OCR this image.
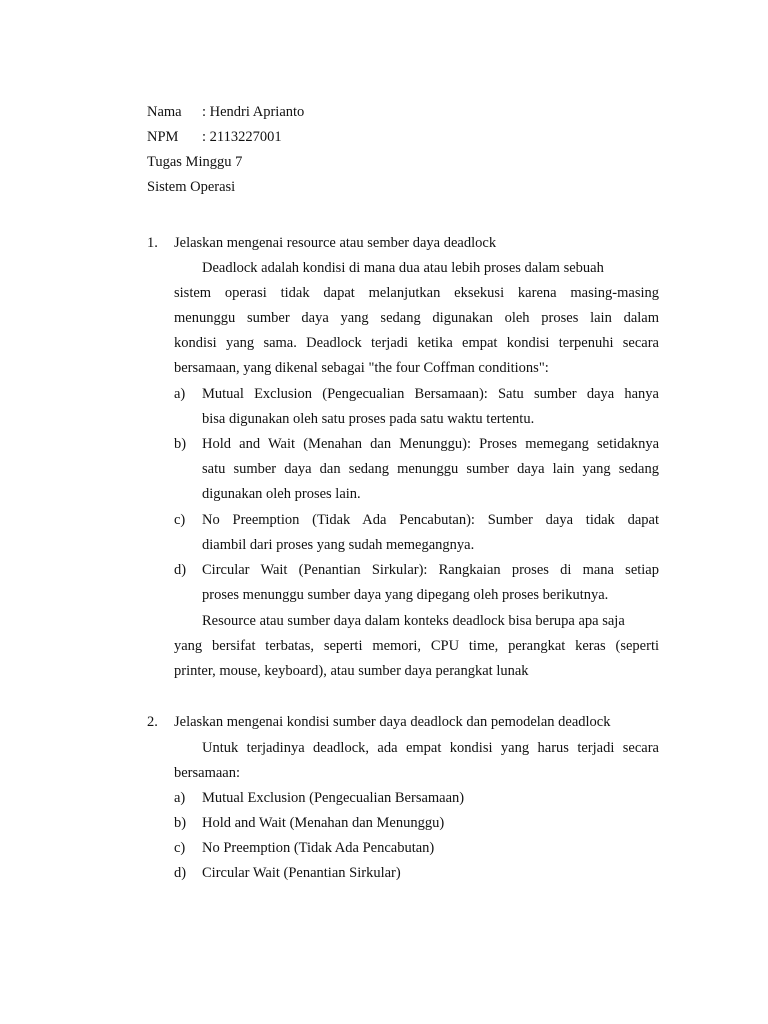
Nama : Hendri Aprianto
NPM : 2113227001
Tugas Minggu 7
Sistem Operasi
1. Jelaskan mengenai resource atau sember daya deadlock
Deadlock adalah kondisi di mana dua atau lebih proses dalam sebuah
sistem operasi tidak dapat melanjutkan eksekusi karena masing-masing
menunggu sumber daya yang sedang digunakan oleh proses lain dalam
kondisi yang sama. Deadlock terjadi ketika empat kondisi terpenuhi secara
bersamaan, yang dikenal sebagai "the four Coffman conditions":
a) Mutual Exclusion (Pengecualian Bersamaan): Satu sumber daya hanya
bisa digunakan oleh satu proses pada satu waktu tertentu.
b) Hold and Wait (Menahan dan Menunggu): Proses memegang setidaknya
satu sumber daya dan sedang menunggu sumber daya lain yang sedang
digunakan oleh proses lain.
c) No Preemption (Tidak Ada Pencabutan): Sumber daya tidak dapat
diambil dari proses yang sudah memegangnya.
d) Circular Wait (Penantian Sirkular): Rangkaian proses di mana setiap
proses menunggu sumber daya yang dipegang oleh proses berikutnya.
Resource atau sumber daya dalam konteks deadlock bisa berupa apa saja
yang bersifat terbatas, seperti memori, CPU time, perangkat keras (seperti
printer, mouse, keyboard), atau sumber daya perangkat lunak
2. Jelaskan mengenai kondisi sumber daya deadlock dan pemodelan deadlock
Untuk terjadinya deadlock, ada empat kondisi yang harus terjadi secara
bersamaan:
a) Mutual Exclusion (Pengecualian Bersamaan)
b) Hold and Wait (Menahan dan Menunggu)
c) No Preemption (Tidak Ada Pencabutan)
d) Circular Wait (Penantian Sirkular)
